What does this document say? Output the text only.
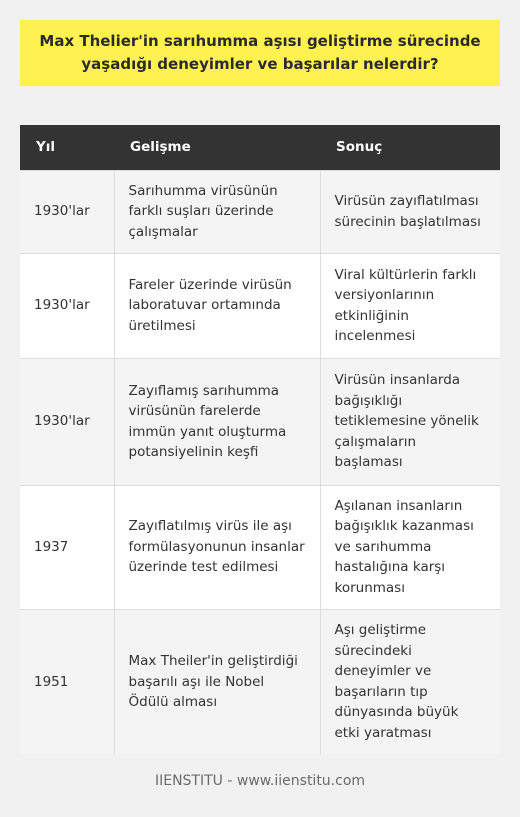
Max Thelier'in sarıhumma aşısı geliştirme sürecinde yaşadığı deneyimler ve başarılar nelerdir?
Yıl	Gelişme	Sonuç
1930'lar	Sarıhumma virüsünün farklı suşları üzerinde çalışmalar	Virüsün zayıflatılması sürecinin başlatılması
1930'lar	Fareler üzerinde virüsün laboratuvar ortamında üretilmesi	Viral kültürlerin farklı versiyonlarının etkinliğinin incelenmesi
1930'lar	Zayıflamış sarıhumma virüsünün farelerde immün yanıt oluşturma potansiyelinin keşfi	Virüsün insanlarda bağışıklığı tetiklemesine yönelik çalışmaların başlaması
1937	Zayıflatılmış virüs ile aşı formülasyonunun insanlar üzerinde test edilmesi	Aşılanan insanların bağışıklık kazanması ve sarıhumma hastalığına karşı korunması
1951	Max Theiler'in geliştirdiği başarılı aşı ile Nobel Ödülü alması	Aşı geliştirme sürecindeki deneyimler ve başarıların tıp dünyasında büyük etki yaratması
IIENSTITU - www.iienstitu.com
